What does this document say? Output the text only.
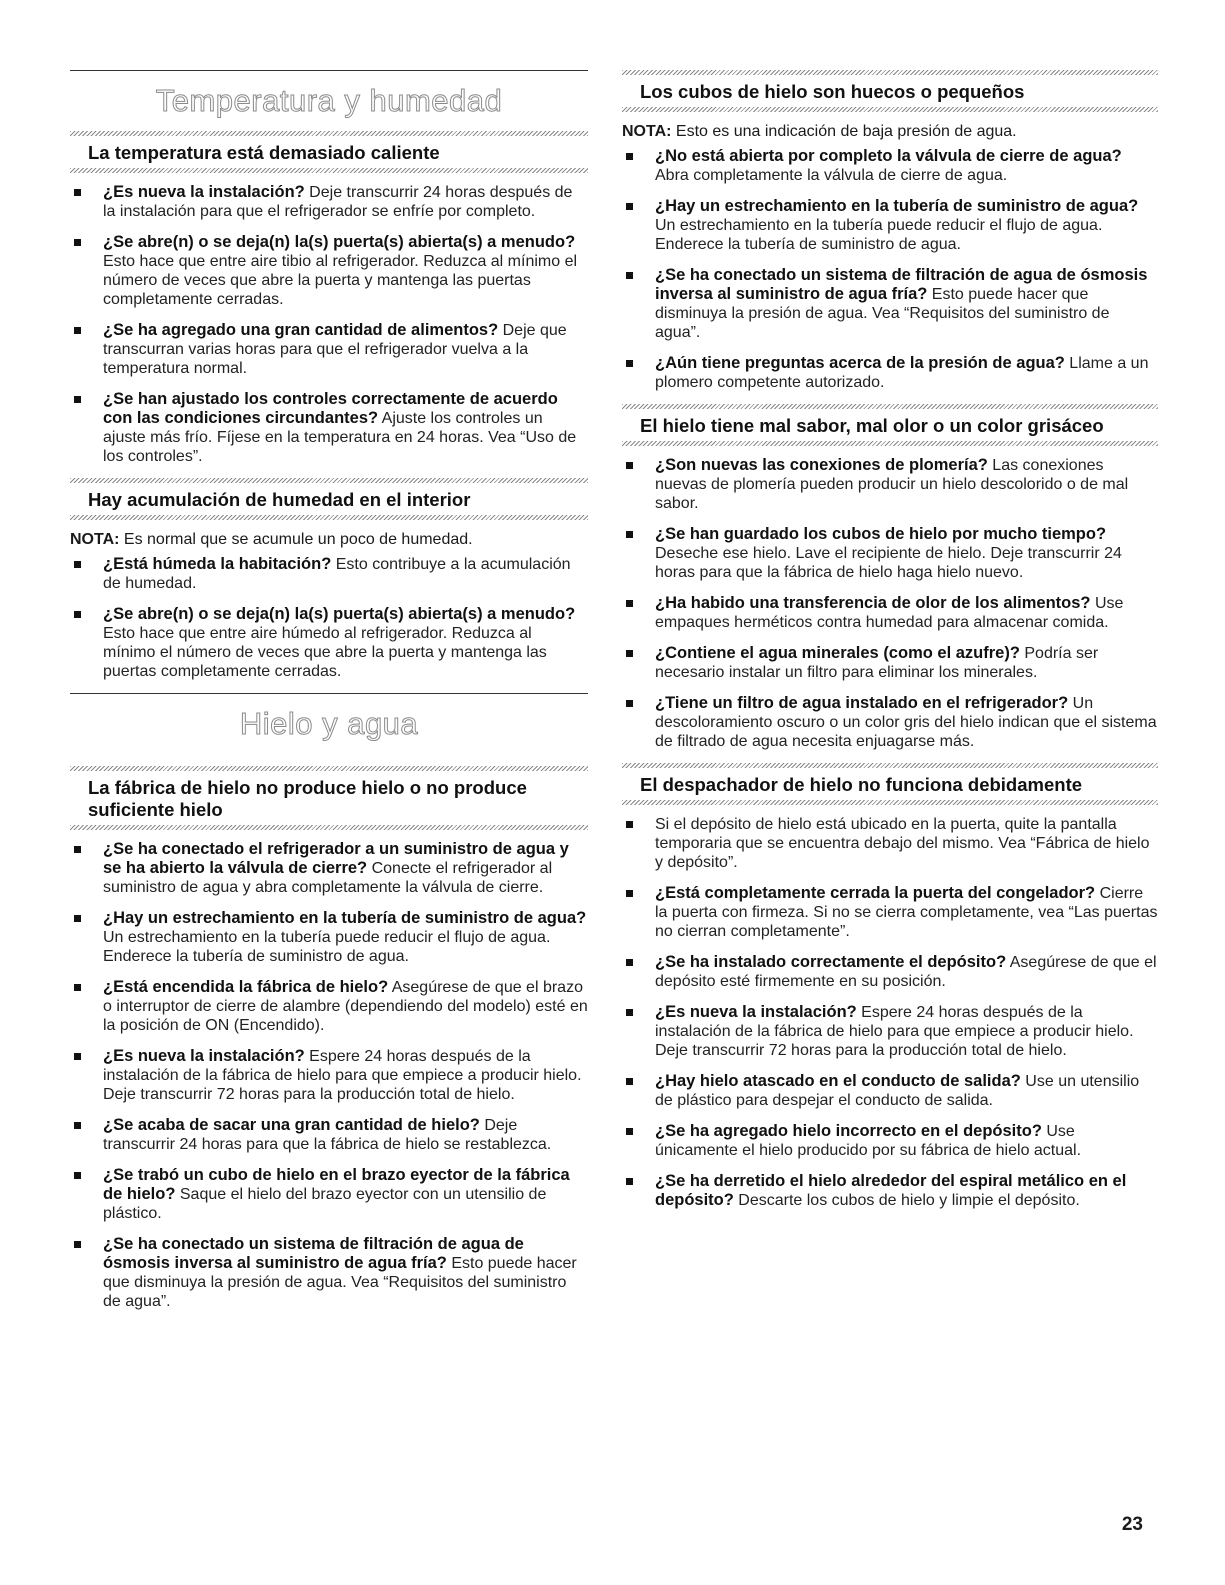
Temperatura y humedad
La temperatura está demasiado caliente
¿Es nueva la instalación? Deje transcurrir 24 horas después de la instalación para que el refrigerador se enfríe por completo.
¿Se abre(n) o se deja(n) la(s) puerta(s) abierta(s) a menudo? Esto hace que entre aire tibio al refrigerador. Reduzca al mínimo el número de veces que abre la puerta y mantenga las puertas completamente cerradas.
¿Se ha agregado una gran cantidad de alimentos? Deje que transcurran varias horas para que el refrigerador vuelva a la temperatura normal.
¿Se han ajustado los controles correctamente de acuerdo con las condiciones circundantes? Ajuste los controles un ajuste más frío. Fíjese en la temperatura en 24 horas. Vea “Uso de los controles”.
Hay acumulación de humedad en el interior

NOTA: Es normal que se acumule un poco de humedad.

¿Está húmeda la habitación? Esto contribuye a la acumulación de humedad.
¿Se abre(n) o se deja(n) la(s) puerta(s) abierta(s) a menudo? Esto hace que entre aire húmedo al refrigerador. Reduzca al mínimo el número de veces que abre la puerta y mantenga las puertas completamente cerradas.
Hielo y agua
La fábrica de hielo no produce hielo o no produce suficiente hielo
¿Se ha conectado el refrigerador a un suministro de agua y se ha abierto la válvula de cierre? Conecte el refrigerador al suministro de agua y abra completamente la válvula de cierre.
¿Hay un estrechamiento en la tubería de suministro de agua? Un estrechamiento en la tubería puede reducir el flujo de agua. Enderece la tubería de suministro de agua.
¿Está encendida la fábrica de hielo? Asegúrese de que el brazo o interruptor de cierre de alambre (dependiendo del modelo) esté en la posición de ON (Encendido).
¿Es nueva la instalación? Espere 24 horas después de la instalación de la fábrica de hielo para que empiece a producir hielo. Deje transcurrir 72 horas para la producción total de hielo.
¿Se acaba de sacar una gran cantidad de hielo? Deje transcurrir 24 horas para que la fábrica de hielo se restablezca.
¿Se trabó un cubo de hielo en el brazo eyector de la fábrica de hielo? Saque el hielo del brazo eyector con un utensilio de plástico.
¿Se ha conectado un sistema de filtración de agua de ósmosis inversa al suministro de agua fría? Esto puede hacer que disminuya la presión de agua. Vea “Requisitos del suministro de agua”.
Los cubos de hielo son huecos o pequeños

NOTA: Esto es una indicación de baja presión de agua.

¿No está abierta por completo la válvula de cierre de agua? Abra completamente la válvula de cierre de agua.
¿Hay un estrechamiento en la tubería de suministro de agua? Un estrechamiento en la tubería puede reducir el flujo de agua. Enderece la tubería de suministro de agua.
¿Se ha conectado un sistema de filtración de agua de ósmosis inversa al suministro de agua fría? Esto puede hacer que disminuya la presión de agua. Vea “Requisitos del suministro de agua”.
¿Aún tiene preguntas acerca de la presión de agua? Llame a un plomero competente autorizado.
El hielo tiene mal sabor, mal olor o un color grisáceo
¿Son nuevas las conexiones de plomería? Las conexiones nuevas de plomería pueden producir un hielo descolorido o de mal sabor.
¿Se han guardado los cubos de hielo por mucho tiempo? Deseche ese hielo. Lave el recipiente de hielo. Deje transcurrir 24 horas para que la fábrica de hielo haga hielo nuevo.
¿Ha habido una transferencia de olor de los alimentos? Use empaques herméticos contra humedad para almacenar comida.
¿Contiene el agua minerales (como el azufre)? Podría ser necesario instalar un filtro para eliminar los minerales.
¿Tiene un filtro de agua instalado en el refrigerador? Un descoloramiento oscuro o un color gris del hielo indican que el sistema de filtrado de agua necesita enjuagarse más.
El despachador de hielo no funciona debidamente
Si el depósito de hielo está ubicado en la puerta, quite la pantalla temporaria que se encuentra debajo del mismo. Vea “Fábrica de hielo y depósito”.
¿Está completamente cerrada la puerta del congelador? Cierre la puerta con firmeza. Si no se cierra completamente, vea “Las puertas no cierran completamente”.
¿Se ha instalado correctamente el depósito? Asegúrese de que el depósito esté firmemente en su posición.
¿Es nueva la instalación? Espere 24 horas después de la instalación de la fábrica de hielo para que empiece a producir hielo. Deje transcurrir 72 horas para la producción total de hielo.
¿Hay hielo atascado en el conducto de salida? Use un utensilio de plástico para despejar el conducto de salida.
¿Se ha agregado hielo incorrecto en el depósito? Use únicamente el hielo producido por su fábrica de hielo actual.
¿Se ha derretido el hielo alrededor del espiral metálico en el depósito? Descarte los cubos de hielo y limpie el depósito.
23
